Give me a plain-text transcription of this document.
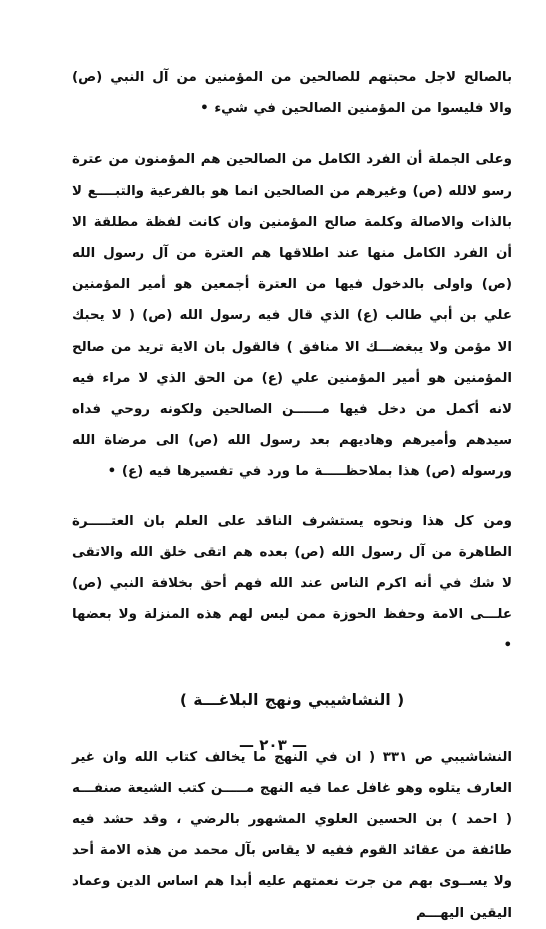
بالصالح لاجل محبتهم للصالحين من المؤمنين من آل النبي (ص) والا فليسوا من المؤمنين الصالحين في شيء •

وعلى الجملة أن الفرد الكامل من الصالحين هم المؤمنون من عترة رسو لالله (ص) وغيرهم من الصالحين انما هو بالفرعية والتبــــع لا بالذات والاصالة وكلمة صالح المؤمنين وان كانت لفظة مطلقة الا أن الفرد الكامل منها عند اطلاقها هم العترة من آل رسول الله (ص) واولى بالدخول فيها من العترة أجمعين هو أمير المؤمنين علي بن أبي طالب (ع) الذي قال فيه رسول الله (ص) ( لا يحبك الا مؤمن ولا يبغضـــك الا منافق ) فالقول بان الاية تريد من صالح المؤمنين هو أمير المؤمنين علي (ع) من الحق الذي لا مراء فيه لانه أكمل من دخل فيها مــــــن الصالحين ولكونه روحي فداه سيدهم وأميرهم وهاديهم بعد رسول الله (ص) الى مرضاة الله ورسوله (ص) هذا بملاحظـــــة ما ورد في تفسيرها فيه (ع) •

ومن كل هذا ونحوه يستشرف الناقد على العلم بان العتـــــرة الطاهرة من آل رسول الله (ص) بعده هم اتقى خلق الله والاتقى لا شك في أنه اكرم الناس عند الله فهم أحق بخلافة النبي (ص) علـــى الامة وحفظ الحوزة ممن ليس لهم هذه المنزلة ولا بعضها •

( النشاشيبي ونهج البلاغـــة )

النشاشيبي ص ٣٣١ ( ان في النهج ما يخالف كتاب الله وان غير العارف يتلوه وهو غافل عما فيه النهج مـــــن كتب الشيعة صنفـــه ( احمد ) بن الحسين العلوي المشهور بالرضي ، وقد حشد فيه طائفة من عقائد القوم ففيه لا يقاس بآل محمد من هذه الامة أحد ولا يســوى بهم من جرت نعمتهم عليه أبدا هم اساس الدين وعماد اليقين اليهـــم

— ٢٠٣ —
